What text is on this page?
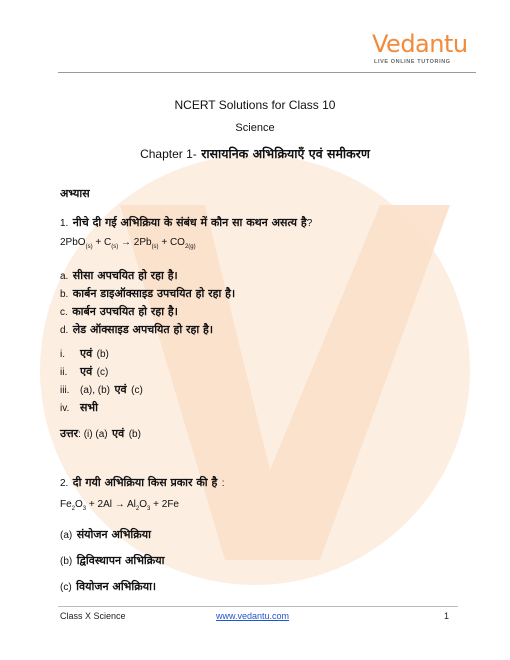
Vedantu
LIVE ONLINE TUTORING
NCERT Solutions for Class 10
Science
Chapter 1- रासायनिक अभिक्रियाएँ एवं समीकरण
अभ्यास
1. नीचे दी गई अभिक्रिया के संबंध में कौन सा कथन असत्य है?
$2PbO_{(s)} + C_{(s)} \to 2Pb_{(s)} + CO_{2(g)}$
a. सीसा अपचयित हो रहा है।
b. कार्बन डाइऑक्साइड उपचयित हो रहा है।
c. कार्बन उपचयित हो रहा है।
d. लेड ऑक्साइड अपचयित हो रहा है।
i. एवं (b)
ii. एवं (c)
iii. (a), (b) एवं (c)
iv. सभी
उत्तर: (i) (a) एवं (b)
2. दी गयी अभिक्रिया किस प्रकार की है :
$Fe_2O_3 + 2Al \to Al_2O_3 + 2Fe$
(a) संयोजन अभिक्रिया
(b) द्विविस्थापन अभिक्रिया
(c) वियोजन अभिक्रिया।
Class X Science	www.vedantu.com	1
